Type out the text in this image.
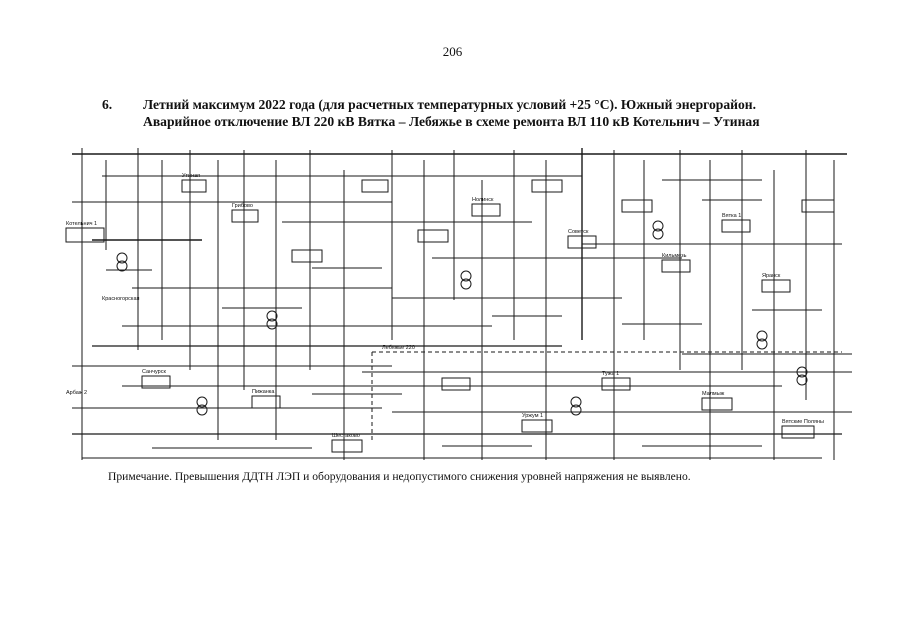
206
6. Летний максимум 2022 года (для расчетных температурных условий +25 °С). Южный энергорайон.
Аварийное отключение ВЛ 220 кВ Вятка – Лебяжье в схеме ремонта ВЛ 110 кВ Котельнич – Утиная
Котельнич 1
Утиная
Вятка 1
Лебяжье 220
Яранск
Красногорская
Грибово
Тужа 1
Уржум 1
Нолинск
Советск
Кильмезь
Вятские Поляны
Малмыж
Санчурск
Арбаж 2	Пижанка
Шестаково
Примечание. Превышения ДДТН ЛЭП и оборудования и недопустимого снижения уровней напряжения не выявлено.
